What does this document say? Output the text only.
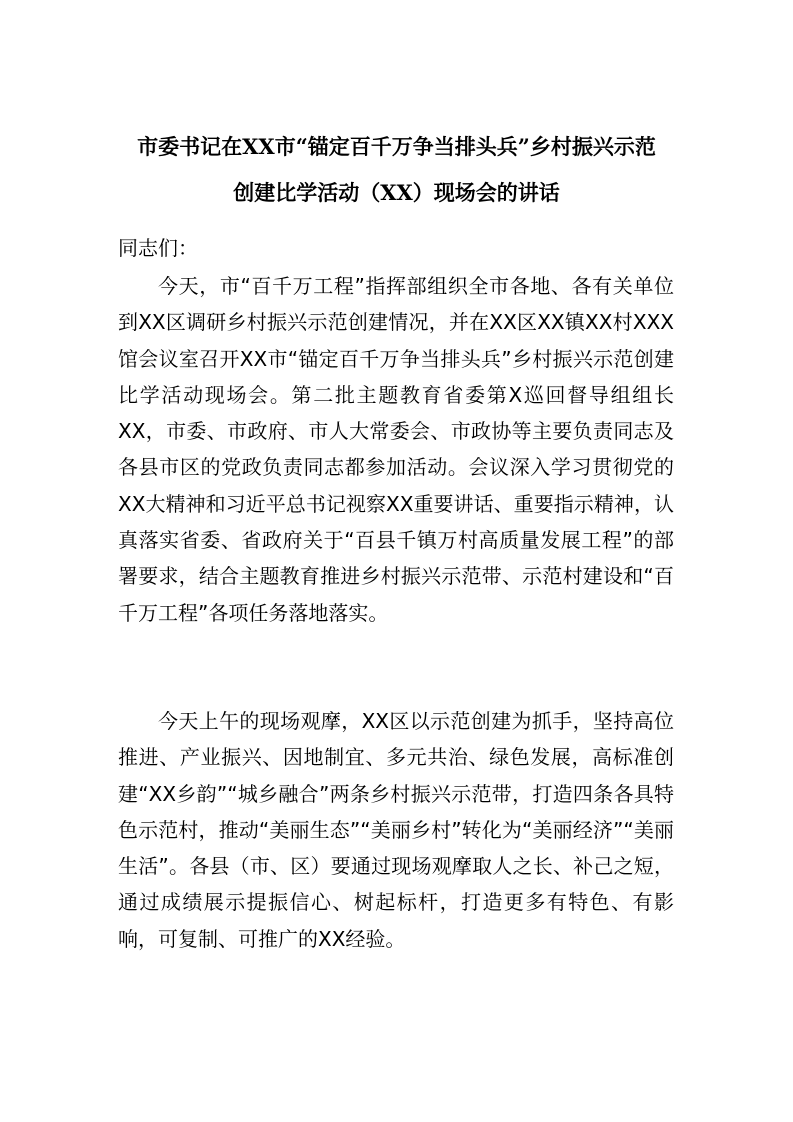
市委书记在XX市“锚定百千万争当排头兵”乡村振兴示范
创建比学活动（XX）现场会的讲话

同志们：

今天，市“百千万工程”指挥部组织全市各地、各有关单位到XX区调研乡村振兴示范创建情况，并在XX区XX镇XX村XXX馆会议室召开XX市“锚定百千万争当排头兵”乡村振兴示范创建比学活动现场会。第二批主题教育省委第X巡回督导组组长XX，市委、市政府、市人大常委会、市政协等主要负责同志及各县市区的党政负责同志都参加活动。会议深入学习贯彻党的XX大精神和习近平总书记视察XX重要讲话、重要指示精神，认真落实省委、省政府关于“百县千镇万村高质量发展工程”的部署要求，结合主题教育推进乡村振兴示范带、示范村建设和“百千万工程”各项任务落地落实。

今天上午的现场观摩，XX区以示范创建为抓手，坚持高位推进、产业振兴、因地制宜、多元共治、绿色发展，高标准创建“XX乡韵”“城乡融合”两条乡村振兴示范带，打造四条各具特色示范村，推动“美丽生态”“美丽乡村”转化为“美丽经济”“美丽生活”。各县（市、区）要通过现场观摩取人之长、补己之短，通过成绩展示提振信心、树起标杆，打造更多有特色、有影响，可复制、可推广的XX经验。
